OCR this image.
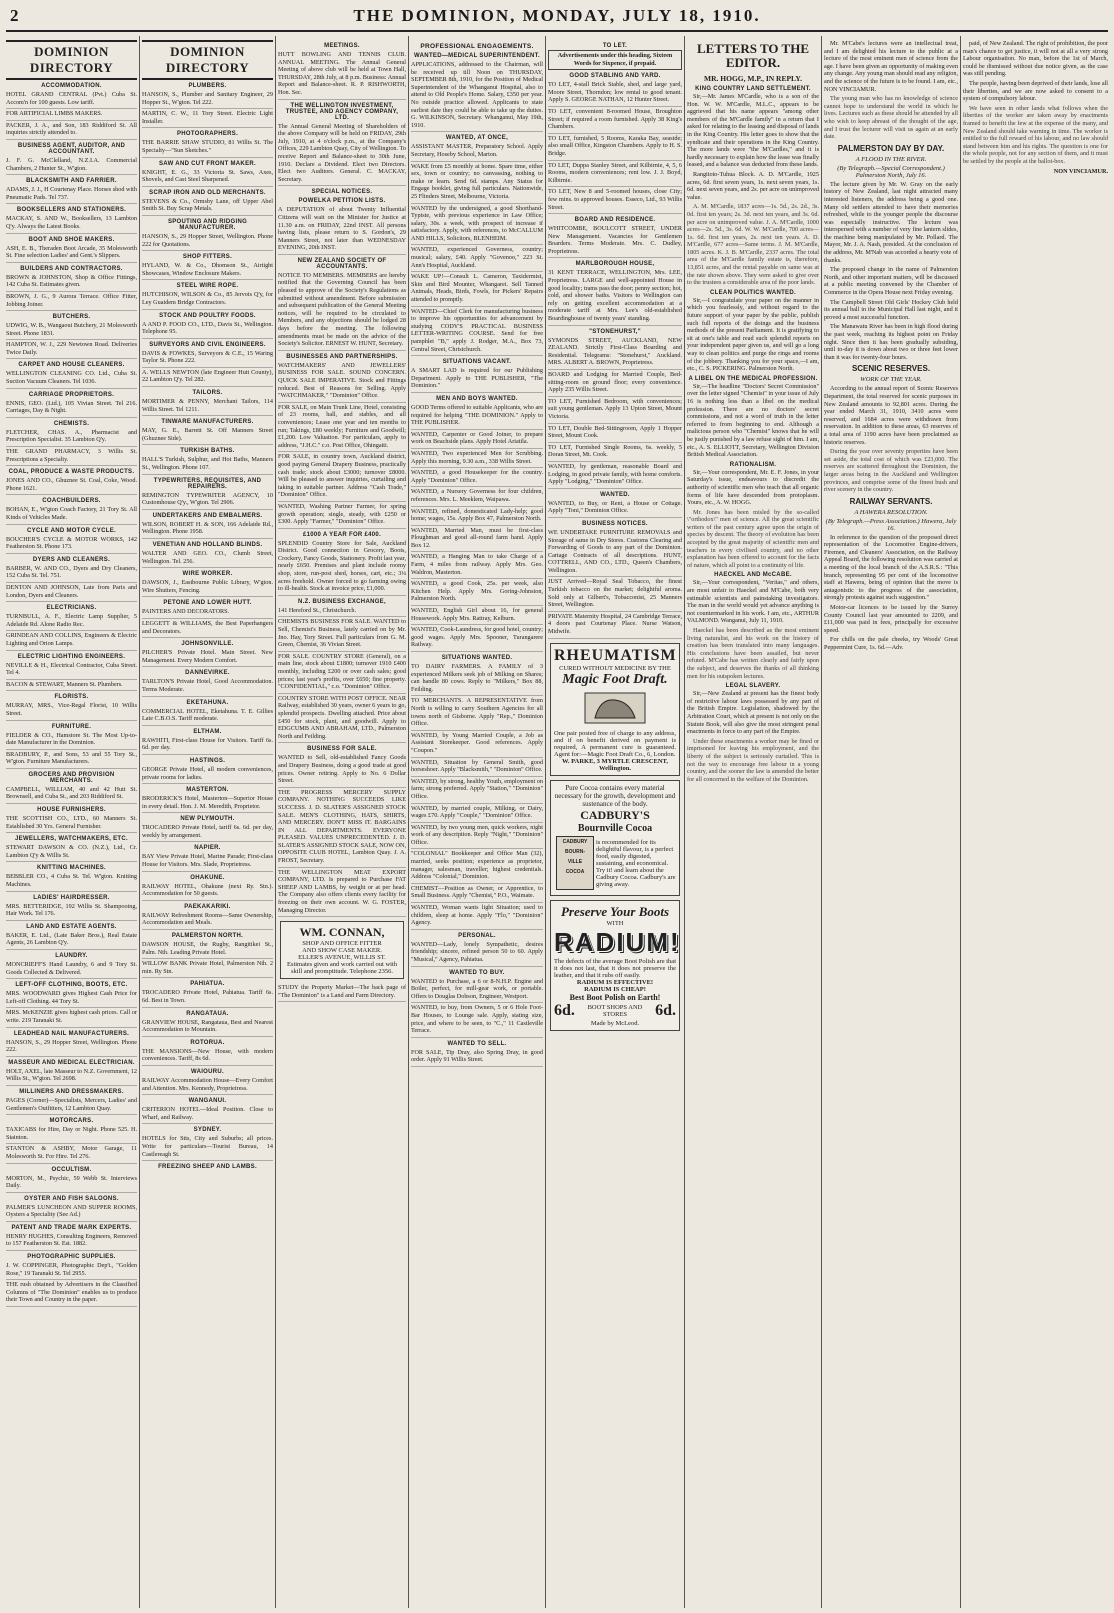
2	THE DOMINION, MONDAY, JULY 18, 1910.
DOMINION DIRECTORY
ACCOMMODATION.
HOTEL GRAND CENTRAL (Pvt.) Cuba St. Accom'n for 100 guests. Low tariff.
FOR ARTIFICIAL LIMBS MAKERS.
PACKER, J. A., and Son, 183 Riddiford St. All inquiries strictly attended to.
BUSINESS AGENT, AUDITOR, AND ACCOUNTANT.
J. F. G. McClelland, N.Z.I.A. Commercial Chambers, 2 Hunter St., W'gton.
BLACKSMITH AND FARRIER.
ADAMS, J. J., H Courtenay Place. Horses shod with Pneumatic Pads. Tel 737.
BOOKSELLERS AND STATIONERS.
MACKAY, S. AND W., Booksellers, 13 Lambton Q'y. Always the Latest Books.
BOOT AND SHOE MAKERS.
ASH, E. B., Theraden Boot Arcade, 35 Molesworth St. Fine selection Ladies' and Gent.'s Slippers.
BUILDERS AND CONTRACTORS.
BROWN & JOHNSTON, Shop & Office Fittings, 142 Cuba St. Estimates given.
BROWN, J. G., 9 Aurora Terrace. Office Fitter, Jobbing Joiner.
BUTCHERS.
UDWIG, W. B., Wangaoui Butchery, 21 Molesworth Street. Phone 1831.
HAMPTON, W. J., 229 Newtown Road. Deliveries Twice Daily.
CARPET AND HOUSE CLEANERS.
WELLINGTON CLEANING CO. Ltd., Cuba St. Suction Vacuum Cleaners. Tel 1036.
CARRIAGE PROPRIETORS.
ENNIS, GEO. (Ltd.), 105 Vivian Street. Tel 216. Carriages, Day & Night.
CHEMISTS.
FLETCHER, CHAS. A., Pharmacist and Prescription Specialist. 35 Lambton Q'y.
THE GRAND PHARMACY, 3 Willis St. Prescriptions a Specialty.
COAL, PRODUCE & WASTE PRODUCTS.
JONES AND CO., Ghuznee St. Coal, Coke, Wood. Phone 1621.
COACHBUILDERS.
BOHAN, E., W'gton Coach Factory, 21 Tory St. All Kinds of Vehicles Made.
CYCLE AND MOTOR CYCLE.
BOUCHER'S CYCLE & MOTOR WORKS, 142 Featherston St. Phone 173.
DYERS AND CLEANERS.
BARBER, W. AND CO., Dyers and Dry Cleaners, 152 Cuba St. Tel. 751.
DENTON AND JOHNSON, Late from Paris and London, Dyers and Cleaners.
ELECTRICIANS.
TURNBULL, A. F., Electric Lamp Supplier, 5 Adelaide Rd. Alone Radio Rec.
GRINDEAN AND COLLINS, Engineers & Electric Lighting and Orion Lamps.
ELECTRIC LIGHTING ENGINEERS.
NEVILLE & H., Electrical Contractor, Cuba Street. Tel 4.
BACON & STEWART, Manners St. Plumbers.
FLORISTS.
MURRAY, MRS., Vice-Regal Florist, 10 Willis Street.
FURNITURE.
FIELDER & CO., Hamstore St. The Most Up-to-date Manufacturer in the Dominion.
BRADBURY, P., and Sons, 53 and 55 Tory St., W'gton. Furniture Manufacturers.
GROCERS AND PROVISION MERCHANTS.
CAMPBELL, WILLIAM, 40 and 42 Hutt St. Brownsell, and Cuba St., and 203 Riddiford St.
HOUSE FURNISHERS.
THE SCOTTISH CO., LTD., 60 Manners St. Established 30 Yrs. General Furnisher.
JEWELLERS, WATCHMAKERS, ETC.
STEWART DAWSON & CO. (N.Z.), Ltd., Cr. Lambton Q'y & Willis St.
KNITTING MACHINES.
BEBBLER CO., 4 Cuba St. Tel. W'gton. Knitting Machines.
LADIES' HAIRDRESSER.
MRS. BETTERIDGE, 192 Willis St. Shampooing, Hair Work. Tel 176.
LAND AND ESTATE AGENTS.
BAKER, E. Ltd., (Late Baker Bros.), Real Estate Agents, 26 Lambton Q'y.
LAUNDRY.
MONCRIEFF'S Hand Laundry, 6 and 9 Tory St. Goods Collected & Delivered.
LEFT-OFF CLOTHING, BOOTS, ETC.
MRS. WOODWARD gives Highest Cash Price for Left-off Clothing. 44 Tory St.
MRS. McKENZIE gives highest cash prices. Call or write. 219 Taranaki St.
LEADHEAD NAIL MANUFACTURERS.
HANSON, S., 29 Hopper Street, Wellington. Phone 222.
MASSEUR AND MEDICAL ELECTRICIAN.
HOLT, AXEL, late Masseur to N.Z. Government, 12 Willis St., W'gton. Tel 2698.
MILLINERS AND DRESSMAKERS.
PAGES (Corner)—Specialists, Mercers, Ladies' and Gentlemen's Outfitters, 12 Lambton Quay.
MOTORCARS.
TAXICABS for Hire, Day or Night. Phone 525. H. Stainton.
STANTON & ASHBY, Motor Garage, 11 Molesworth St. For Hire. Tel 276.
OCCULTISM.
MORTON, M., Psychic, 59 Webb St. Interviews Daily.
OYSTER AND FISH SALOONS.
PALMER'S LUNCHEON AND SUPPER ROOMS, Oysters a Speciality (See Ad.)
PATENT AND TRADE MARK EXPERTS.
HENRY HUGHES, Consulting Engineers, Removed to 157 Featherston St. Est. 1882.
PHOTOGRAPHIC SUPPLIES.
J. W. COPPINGER, Photographic Dep't., "Golden Rose," 19 Taranaki St. Tel 2955.
THE rush obtained by Advertisers in the Classified Columns of "The Dominion" enables us to produce their Town and Country in the paper.
DOMINION DIRECTORY
PLUMBERS.
HANSON, S., Plumber and Sanitary Engineer, 29 Hopper St., W'gton. Tel 222.
MARTIN, C. W., 11 Tory Street. Electric Light Installer.
PHOTOGRAPHERS.
THE BARRIE SHAW STUDIO, 81 Willis St. The Specialty—"Sun Sketches."
SAW AND CUT FRONT MAKER.
KNIGHT, E. G., 33 Victoria St. Saws, Axes, Shovels, and Cast Steel Sharpened.
SCRAP IRON AND OLD MERCHANTS.
STEVENS & Co., Ormsby Lane, off Upper Abel Smith St. Buy Scrap Metals.
SPOUTING AND RIDGING MANUFACTURER.
HANSON, S., 29 Hopper Street, Wellington. Phone 222 for Quotations.
SHOP FITTERS.
HYLAND, W. & Co., Dhomson St., Airtight Showcases, Window Enclosure Makers.
STEEL WIRE ROPE.
HUTCHISON, WILSON & Co., 85 Jervois Q'y, for Ley Guaidem Bridge Contractors.
STOCK AND POULTRY FOODS.
A AND P. FOOD CO., LTD., Davis St., Wellington. Telephone 95.
SURVEYORS AND CIVIL ENGINEERS.
DAVIS & FOWKES, Surveyors & C.E., 15 Waring Taylor St. Phone 222.
A. WELLS NEWTON (late Engineer Hutt County), 22 Lambton Q'y. Tel 282.
TAILORS.
MORTIMER & PENNY, Merchant Tailors, 114 Willis Street. Tel 1211.
TINWARE MANUFACTURERS.
MAY, G. E., Barrett St. Off Manners Street (Ghuznee Side).
TURKISH BATHS.
HALL'S Turkish, Sulphur, and Hot Baths, Manners St., Wellington. Phone 107.
TYPEWRITERS, REQUISITES, AND REPAIRERS.
REMINGTON TYPEWRITER AGENCY, 10 Customhouse Q'y., W'gton. Tel 2906.
UNDERTAKERS AND EMBALMERS.
WILSON, ROBERT H. & SON, 166 Adelaide Rd., Wellington. Phone 1958.
VENETIAN AND HOLLAND BLINDS.
WALTER AND GEO. CO., Clumb Street, Wellington. Tel. 256.
WIRE WORKER.
DAWSON, J., Eastbourne Public Library, W'gton. Wire Shutters, Fencing.
PETONE AND LOWER HUTT.
PAINTERS AND DECORATORS.
LEGGETT & WILLIAMS, the Best Paperhangers and Decorators.
JOHNSONVILLE.
PILCHER'S Private Hotel. Main Street. New Management. Every Modern Comfort.
DANNEVIRKE.
TARLTON'S Private Hotel, Good Accommodation. Terms Moderate.
EKETAHUNA.
COMMERCIAL HOTEL, Eketahuna. T. E. Gillies Late C.B.O.S. Tariff moderate.
ELTHAM.
RAWHITI, First-class House for Visitors. Tariff 6s. 6d. per day.
HASTINGS.
GEORGE Private Hotel, all modern conveniences, private rooms for ladies.
MASTERTON.
BRODERICK'S Hotel, Masterton—Superior House in every detail. Hon. J. M. Meredith, Proprietor.
NEW PLYMOUTH.
TROCADERO Private Hotel, tariff 6s. 6d. per day, weekly by arrangement.
NAPIER.
BAY View Private Hotel, Marine Parade; First-class House for Visitors. Mrs. Slade, Proprietress.
OHAKUNE.
RAILWAY HOTEL, Ohakune (next Ry. Stn.). Accommodation for 50 guests.
PAEKAKARIKI.
RAILWAY Refreshment Rooms—Same Ownership, Accommodation and Meals.
PALMERSTON NORTH.
DAWSON HOUSE, the Rugby, Rangitikei St., Palm. Nth. Leading Private Hotel.
WILLOW BANK Private Hotel, Palmerston Nth. 2 min. Ry Stn.
PAHIATUA.
TROCADERO Private Hotel, Pahiatua. Tariff 6s. 6d. Best in Town.
RANGATAUA.
GRANVIEW HOUSE, Rangataua, Best and Nearest Accommodation to Mountain.
ROTORUA.
THE MANSIONS—New House, with modern conveniences. Tariff, 8s 6d.
WAIOURU.
RAILWAY Accommodation House—Every Comfort and Attention. Mrs. Kennedy, Proprietress.
WANGANUI.
CRITERION HOTEL—Ideal Position. Close to Wharf, and Railway.
SYDNEY.
HOTELS for Stts, City and Suburbs; all prices. Write for particulars—Tourist Bureau, 14 Castlereagh St.
FREEZING SHEEP AND LAMBS.
MEETINGS.
HUTT BOWLING AND TENNIS CLUB. ANNUAL MEETING. The Annual General Meeting of above club will be held at Town Hall, THURSDAY, 28th July, at 8 p.m. Business: Annual Report and Balance-sheet. R. P. RISHWORTH, Hon. Sec.
THE WELLINGTON INVESTMENT, TRUSTEE, AND AGENCY COMPANY, LTD.
The Annual General Meeting of Shareholders of the above Company will be held on FRIDAY, 29th July, 1910, at 4 o'clock p.m., at the Company's Offices, 229 Lambton Quay, City of Wellington. To receive Report and Balance-sheet to 30th June, 1910. Declare a Dividend. Elect two Directors. Elect two Auditors. General. C. MACKAY, Secretary.
SPECIAL NOTICES.
POWELKA PETITION LISTS.
A DEPUTATION of about Twenty Influential Citizens will wait on the Minister for Justice at 11.30 a.m. on FRIDAY, 22nd INST. All persons having lists, please return to S. Gordon's, 29 Manners Street, not later than WEDNESDAY EVENING, 20th INST.
NEW ZEALAND SOCIETY OF ACCOUNTANTS.
NOTICE TO MEMBERS. MEMBERS are hereby notified that the Governing Council has been pleased to approve of the Society's Regulations as submitted without amendment. Before submission and subsequent publication of the General Meeting notices, will be required to be circulated to Members, and any objections should be lodged 28 days before the meeting. The following amendments must be made on the advice of the Society's Solicitor. ERNEST W. HUNT, Secretary.
BUSINESSES AND PARTNERSHIPS.
WATCHMAKERS' AND JEWELLERS' BUSINESS FOR SALE. SOUND CONCERN. QUICK SALE IMPERATIVE. Stock and Fittings reduced. Best of Reasons for Selling. Apply "WATCHMAKER," "Dominion" Office.
FOR SALE, on Main Trunk Line, Hotel, consisting of 23 rooms, hall, and stables, and all conveniences; Lease one year and ten months to run; Takings, £80 weekly; Furniture and Goodwill; £1,200. Low Valuation. For particulars, apply to address, "J.H.C." c.o. Post Office, Ohingaiti.
FOR SALE, in country town, Auckland district, good paying General Drapery Business, practically cash trade; stock about £3000; turnover £8000. Will be pleased to answer inquiries, curtailing and taking in suitable partner. Address "Cash Trade," "Dominion" Office.
WANTED, Washing Partner Farmer, for spring growth operation; single, steady, with £250 or £300. Apply "Farmer," "Dominion" Office.
£1000 A YEAR FOR £400.
SPLENDID Country Store for Sale, Auckland District. Good connection in Grocery, Boots, Crockery, Fancy Goods, Stationery. Profit last year, nearly £650. Premises and plant include roomy shop, store, run-post shed, horses, cart, etc.; 3¼ acres freehold. Owner forced to go farming owing to ill-health. Stock at invoice price, £1,000.
N.Z. BUSINESS EXCHANGE,
141 Hereford St., Christchurch.
CHEMISTS BUSINESS FOR SALE. WANTED to Sell, Chemist's Business, lately carried on by Mr. Jno. Hay, Tory Street. Full particulars from G. M. Green, Chemist, 36 Vivian Street.
FOR SALE. COUNTRY STORE (General), on a main line, stock about £1800; turnover 1910 £400 monthly, including £200 or over cash sales; good prices; last year's profits, over £650; fine property. "CONFIDENTIAL," c.o. "Dominion" Office.
COUNTRY STORE WITH POST OFFICE. NEAR Railway, established 30 years, owner 6 years to go, splendid prospects. Dwelling attached. Price about £450 for stock, plant, and goodwill. Apply to EDGCUMB AND ABRAHAM, LTD., Palmerston North and Feilding.
BUSINESS FOR SALE.
WANTED to Sell, old-established Fancy Goods and Drapery Business, doing a good trade at good prices. Owner retiring. Apply to No. 6 Dollar Street.
THE PROGRESS MERCERY SUPPLY COMPANY. NOTHING SUCCEEDS LIKE SUCCESS. J. D. SLATER'S ASSIGNED STOCK SALE. MEN'S CLOTHING, HATS, SHIRTS, AND MERCERY. DON'T MISS IT. BARGAINS IN ALL DEPARTMENTS. EVERYONE PLEASED. VALUES UNPRECEDENTED. J. D. SLATER'S ASSIGNED STOCK SALE, NOW ON, OPPOSITE CLUB HOTEL, Lambton Quay. J. A. FROST, Secretary.
THE WELLINGTON MEAT EXPORT COMPANY, LTD. Is prepared to Purchase FAT SHEEP AND LAMBS, by weight or at per head. The Company also offers clients every facility for freezing on their own account. W. G. FOSTER, Managing Director.
WM. CONNAN,
SHOP AND OFFICE FITTER
AND SHOW CASE MAKER.
ELLER'S AVENUE, WILLIS ST.
Estimates given and work carried out with skill and promptitude. Telephone 2356.
STUDY the Property Market—The back page of "The Dominion" is a Land and Farm Directory.
PROFESSIONAL ENGAGEMENTS.
WANTED—MEDICAL SUPERINTENDENT.
APPLICATIONS, addressed to the Chairman, will be received up till Noon on THURSDAY, SEPTEMBER 8th, 1910, for the Position of Medical Superintendent of the Whanganui Hospital, also to attend to Old People's Home. Salary, £350 per year. No outside practice allowed. Applicants to state earliest date they could be able to take up the duties. G. WILKINSON, Secretary. Whanganui, May 19th, 1910.
WANTED, AT ONCE,
ASSISTANT MASTER, Preparatory School. Apply Secretary, Hoseby School, Marton.
WAKE from £5 monthly at home. Spare time, either sex, town or country; no canvassing, nothing to make or learn. Send 6d. stamps. Any Status for Engage booklet, giving full particulars. Nationwide, 25 Flinders Street, Melbourne, Victoria.
WANTED by the undersigned, a good Shorthand-Typiste, with previous experience in Law Office; salary, 30s. a week, with prospect of increase if satisfactory. Apply, with references, to McCALLUM AND HILLS, Solicitors, BLENHEIM.
WANTED, experienced Governess, country; musical; salary, £40. Apply "Govenoo," 223 St. Ann's Hospital, Auckland.
WAKE UP!—Consult L. Cameron, Taxidermist, Skin and Bird Mounter, Whangarei. Sell Tanned Animals, Heads, Birds, Fowls, for Pickers' Repairs attended to promptly.
WANTED—Chief Clerk for manufacturing business to improve his opportunities for advancement by studying CODY'S PRACTICAL BUSINESS LETTER-WRITING COURSE. Send for free pamphlet "B," apply J. Rodger, M.A., Box 73, Central Street, Christchurch.
SITUATIONS VACANT.
A SMART LAD is required for our Publishing Department. Apply to THE PUBLISHER, "The Dominion."
MEN AND BOYS WANTED.
GOOD Terms offered to suitable Applicants, who are required for helping "THE DOMINION." Apply to THE PUBLISHER.
WANTED, Carpenter or Good Joiner, to prepare work on Beachside plans. Apply Hotel Ariatila.
WANTED, Two experienced Men for Scrubbing. Apply this morning, 9.30 a.m., 338 Willis Street.
WANTED, a good Housekeeper for the country. Apply "Dominion" Office.
WANTED, a Nursery Governess for four children, references. Mrs. L. Meeklem, Waipawa.
WANTED, refined, domesticated Lady-help; good home; wages, 15s. Apply Box 47, Palmerston North.
WANTED, Married Man, must be first-class Ploughman and good all-round farm hand. Apply Box 12.
WANTED, a Hanging Man to take Charge of a Farm, 4 miles from railway. Apply Mrs. Geo. Waldron, Masterton.
WANTED, a good Cook, 25s. per week, also Kitchen Help. Apply Mrs. Goring-Johnston, Palmerston North.
WANTED, English Girl about 16, for general Housework. Apply Mrs. Rattray, Kelburn.
WANTED, Cook-Laundress, for good hotel, country; good wages. Apply Mrs. Spooner, Turangarere Railway.
SITUATIONS WANTED.
TO DAIRY FARMERS. A FAMILY of 3 experienced Milkers seek job of Milking on Shares; can handle 80 cows. Reply to "Milkers," Box 88, Feilding.
TO MERCHANTS. A REPRESENTATIVE from North is willing to carry Southern Agencies for all towns north of Gisborne. Apply "Rep.," Dominion Office.
WANTED, by Young Married Couple, a Job as Assistant Storekeeper. Good references. Apply "Coupon."
WANTED, Situation by General Smith, good horseshoer. Apply "Blacksmith," "Dominion" Office.
WANTED, by strong, healthy Youth, employment on farm; strong preferred. Apply "Station," "Dominion" Office.
WANTED, by married couple, Milking, or Dairy, wages £70. Apply "Couple," "Dominion" Office.
WANTED, by two young men, quick workers, night work of any description. Reply "Night," "Dominion" Office.
"COLONIAL" Bookkeeper and Office Man (32), married, seeks position; experience as proprietor, manager, salesman, traveller; highest credentials. Address "Colonial," Dominion.
CHEMIST—Position as Owner, or Apprentice, to Small Business. Apply "Chemist," P.O., Waimate.
WANTED, Woman wants light Situation; used to children, sleep at home. Apply "Flo," "Dominion" Agency.
PERSONAL.
WANTED—Lady, lonely Sympathetic, desires friendship; sincere, refined person 50 to 60. Apply "Musical," Agency, Pahiatua.
WANTED TO BUY.
WANTED to Purchase, a 6 or 8-N.H.P. Engine and Boiler, perfect, for mill-gear work, or portable. Offers to Douglas Dobson, Engineer, Westport.
WANTED, to buy, from Owners, 5 or 6 Hole Foot-Bar Houses, to Lounge sale. Apply, stating size, price, and where to be seen, to "C.," 11 Castleville Terrace.
WANTED TO SELL.
FOR SALE, Tip Dray, also Spring Dray, in good order. Apply 91 Willis Street.
TO LET.
Advertisements under this heading, Sixteen Words for Sixpence, if prepaid.
GOOD STABLING AND YARD.
TO LET, 4-stall Brick Stable, shed, and large yard, Moore Street, Thorndon; low rental to good tenant. Apply S. GEORGE NATHAN, 12 Hunter Street.
TO LET, convenient 8-roomed House, Broughton Street; if required a room furnished. Apply 38 King's Chambers.
TO LET, furnished, 5 Rooms, Karaka Bay, seaside; also small Office, Kingston Chambers. Apply to H. S. Bridge.
TO LET, Duppa Stanley Street, and Kilbirnie, 4, 5, 6 Rooms, modern conveniences; rent low. J. J. Boyd, Kilbirnie.
TO LET, New 8 and 5-roomed houses, close City; few mins. to approved houses. Esseco, Ltd., 93 Willis Street.
BOARD AND RESIDENCE.
WHITCOMBE, BOULCOTT STREET, UNDER New Management. Vacancies for Gentlemen Boarders. Terms Moderate. Mrs. C. Dudley, Proprietress.
MARLBOROUGH HOUSE,
31 KENT TERRACE, WELLINGTON, Mrs. LEE, Proprietress. LARGE and well-appointed House in good locality; trams pass the door; penny section; hot, cold, and shower baths. Visitors to Wellington can rely on getting excellent accommodation at a moderate tariff at Mrs. Lee's old-established Boardinghouse of twenty years' standing.
"STONEHURST,"
SYMONDS STREET, AUCKLAND, NEW ZEALAND. Strictly First-Class Boarding and Residential. Telegrams: "Stonehurst," Auckland. MRS. ALBERT A. BROWN, Proprietress.
BOARD and Lodging for Married Couple, Bed-sitting-room on ground floor; every convenience. Apply 235 Willis Street.
TO LET, Furnished Bedroom, with conveniences; suit young gentleman. Apply 13 Upton Street, Mount Victoria.
TO LET, Double Bed-Sittingroom, Apply 1 Hopper Street, Mount Cook.
TO LET, Furnished Single Rooms, 6s. weekly, 5 Doran Street, Mt. Cook.
WANTED, by gentleman, reasonable Board and Lodging, in good private family, with home comforts. Apply "Lodging," "Dominion" Office.
WANTED.
WANTED, to Buy, or Rent, a House or Cottage. Apply "Toni," Dominion Office.
BUSINESS NOTICES.
WE UNDERTAKE FURNITURE REMOVALS and Storage of same in Dry Stores. Customs Clearing and Forwarding of Goods to any part of the Dominion. Cartage Contracts of all descriptions. HUNT, COTTRELL, AND CO., LTD., Queen's Chambers, Wellington.
JUST Arrived—Royal Seal Tobacco, the finest Turkish tobacco on the market; delightful aroma. Sold only at Gilbert's, Tobacconist, 25 Manners Street, Wellington.
PRIVATE Maternity Hospital, 24 Cambridge Terrace, 4 doors past Courtenay Place. Nurse Watson, Midwife.
RHEUMATISM
CURED WITHOUT MEDICINE BY THE
Magic Foot Draft.
One pair posted free of charge to any address, and if on benefit derived on payment is required, A permanent cure is guaranteed. Agent for:—Magic Foot Draft Co., 6, London.
W. PARKE, 3 MYRTLE CRESCENT, Wellington.
Pure Cocoa contains every material necessary for the growth, development and sustenance of the body.
CADBURY'S
Bournville Cocoa
CADBURY
BOURN-
VILLE
COCOA
is recommended for its delightful flavour, is a perfect food, easily digested, sustaining, and economical. Try it! and learn about the Cadbury Cocoa. Cadbury's are giving away.
Preserve Your Boots
WITH
RADIUM!
The defects of the average Boot Polish are that it does not last, that it does not preserve the leather, and that it rubs off easily.
RADIUM IS EFFECTIVE!
RADIUM IS CHEAP!
Best Boot Polish on Earth!
6d.	BOOT SHOPS AND STORES	6d.
Made by McLeod.
LETTERS TO THE EDITOR.
MR. HOGG, M.P., IN REPLY.
KING COUNTRY LAND SETTLEMENT.

Sir,—Mr. James M'Cardle, who is a son of the Hon. W. W. M'Cardle, M.L.C., appears to be aggrieved that his name appears "among other members of the M'Cardle family" in a return that I asked for relating to the leasing and disposal of lands in the King Country. His letter goes to show that the syndicate and their operations in the King Country. The more lands were "the M'Cardles," and it is hardly necessary to explain how the lease was finally leased, and a balance was deducted from these lands.

Rangitoto-Tuhua Block. A. D. M'Cardle, 1925 acres, 6d. first seven years, 1s. next seven years, 1s. 6d. next seven years, and 2s. per acre on unimproved value.

A. M. M'Cardle, 1837 acres—1s. 5d., 2s. 2d., 3s. 0d. first ten years; 2s. 3d. next ten years, and 3s. 6d. per acre on unimproved value. J. A. M'Cardle, 1000 acres—2s. 5d., 3s. 6d. W. W. M'Cardle, 700 acres—1s. 6d. first ten years, 2s. next ten years. A. D. M'Cardle, 677 acres—Same terms. J. M. M'Cardle, 1805 acres. K. J. B. M'Cardle, 2337 acres. The total area of the M'Cardle family estate is, therefore, 13,851 acres, and the rental payable on same was at the rate shown above. They were asked to give over to the trustees a considerable area of the poor lands.

CLEAN POLITICS WANTED.

Sir,—I congratulate your paper on the manner in which you fearlessly, and without regard to the future support of your paper by the public, publish such full reports of the doings and the business methods of the present Parliament. It is gratifying to sit at one's table and read such splendid reports on your independent paper given us, and will go a long way to clean politics and purge the rings and rooms of the jobbery. Thanking you for your space,—I am, etc., C. S. PICKERING. Palmerston North.

A LIBEL ON THE MEDICAL PROFESSION.

Sir,—The headline "Doctors' Secret Commission" over the letter signed "Chemist" in your issue of July 16 is nothing less than a libel on the medical profession. There are no doctors' secret commissions, and not a word of truth in the letter referred to from beginning to end. Although a malicious person who "Chemist" knows that he will be justly punished by a law refuse sight of him. I am, etc., A. S. ELLIOTT, Secretary, Wellington Division British Medical Association.

RATIONALISM.

Sir,—Your correspondent, Mr. E. F. Jones, in your Saturday's issue, endeavours to discredit the authority of scientific men who teach that all organic forms of life have descended from protoplasm. Yours, etc., A. W. HOGG.

Mr. Jones has been misled by the so-called \"orthodox\" men of science. All the great scientific writers of the past century agree upon the origin of species by descent. The theory of evolution has been accepted by the great majority of scientific men and teachers in every civilised country, and no other explanation has been offered to account for the facts of nature, which all point to a continuity of life.

HAECKEL AND McCABE.

Sir,—Your correspondent, "Veritas," and others, are most unfair to Haeckel and M'Cabe, both very estimable scientists and painstaking investigators. The man in the world would yet advance anything is not countermarked in his work. I am, etc., ARTHUR VALMOND. Wanganui, July 11, 1910.

Haeckel has been described as the most eminent living naturalist, and his work on the history of creation has been translated into many languages. His conclusions have been assailed, but never refuted. M'Cabe has written clearly and fairly upon the subject, and deserves the thanks of all thinking men for his outspoken lectures.

LEGAL SLAVERY.

Sir,—New Zealand at present has the finest body of restrictive labour laws possessed by any part of the British Empire. Legislation, shadowed by the Arbitration Court, which at present is not only on the Statute Book, will also give the most stringent penal enactments in force to any part of the Empire.

Under these enactments a worker may be fined or imprisoned for leaving his employment, and the liberty of the subject is seriously curtailed. This is not the way to encourage free labour in a young country, and the sooner the law is amended the better for all concerned in the welfare of the Dominion.

Mr. M'Cabe's lectures were an intellectual treat, and I am delighted his lecture to the public at a lecture of the most eminent men of science from the age. I have been given an opportunity of making even any change. Any young man should read any religion, and the science of the future is to be found. I am, etc., NON VINCIAMUR.

The young man who has no knowledge of science cannot hope to understand the world in which he lives. Lectures such as these should be attended by all who wish to keep abreast of the thought of the age, and I trust the lecturer will visit us again at an early date.

PALMERSTON DAY BY DAY.
A FLOOD IN THE RIVER.
(By Telegraph.—Special Correspondent.) Palmerston North, July 16.

The lecture given by Mr. W. Gray on the early history of New Zealand, last night attracted many interested listeners, the address being a good one. Many old settlers attended to have their memories refreshed, while to the younger people the discourse was especially instructive. The lecture was interspersed with a number of very fine lantern slides, the machine being manipulated by Mr. Pollard. The Mayor, Mr. J. A. Nash, presided. At the conclusion of the address, Mr. M'Nab was accorded a hearty vote of thanks.

The proposed change in the name of Palmerston North, and other important matters, will be discussed at a public meeting convened by the Chamber of Commerce in the Opera House next Friday evening.

The Campbell Street Old Girls' Hockey Club held its annual ball in the Municipal Hall last night, and it proved a most successful function.

The Manawatu River has been in high flood during the past week, reaching its highest point on Friday night. Since then it has been gradually subsiding, until to-day it is down about two or three feet lower than it was for twenty-four hours.

SCENIC RESERVES.
WORK OF THE YEAR.

According to the annual report of Scenic Reserves Department, the total reserved for scenic purposes in New Zealand amounts to 92,801 acres. During the year ended March 31, 1910, 3410 acres were reserved, and 1684 acres were withdrawn from reservation. In addition to these areas, 63 reserves of a total area of 1190 acres have been proclaimed as historic reserves.

During the year over seventy properties have been set aside, the total cost of which was £23,000. The reserves are scattered throughout the Dominion, the larger areas being in the Auckland and Wellington provinces, and comprise some of the finest bush and river scenery in the country.

RAILWAY SERVANTS.
A HAWERA RESOLUTION.
(By Telegraph.—Press Association.) Hawera, July 16.

In reference to the question of the proposed direct representation of the Locomotive Engine-drivers, Firemen, and Cleaners' Association, on the Railway Appeal Board, the following resolution was carried at a meeting of the local branch of the A.S.R.S.: "This branch, representing 95 per cent of the locomotive staff at Hawera, being of opinion that the move is antagonistic to the progress of the association, strongly protests against such suggestion."

Motor-car licences to be issued by the Surrey County Council last year amounted to 2209, and £11,000 was paid in fees, principally for excessive speed.

For chills on the pale cheeks, try Woods' Great Peppermint Cure, 1s. 6d.—Adv.

paid, of New Zealand. The right of prohibition, the poor man's chance to get justice, it will not at all a very strong Labour organisation. No man, before the 1st of March, could be dismissed without due notice given, as the case was still pending.

The people, having been deprived of their lands, lose all their liberties, and we are now asked to consent to a system of compulsory labour.

We have seen in other lands what follows when the liberties of the worker are taken away by enactments framed to benefit the few at the expense of the many, and New Zealand should take warning in time. The worker is entitled to the full reward of his labour, and no law should stand between him and his rights. The question is one for the whole people, not for any section of them, and it must be settled by the people at the ballot-box.

NON VINCIAMUR.
